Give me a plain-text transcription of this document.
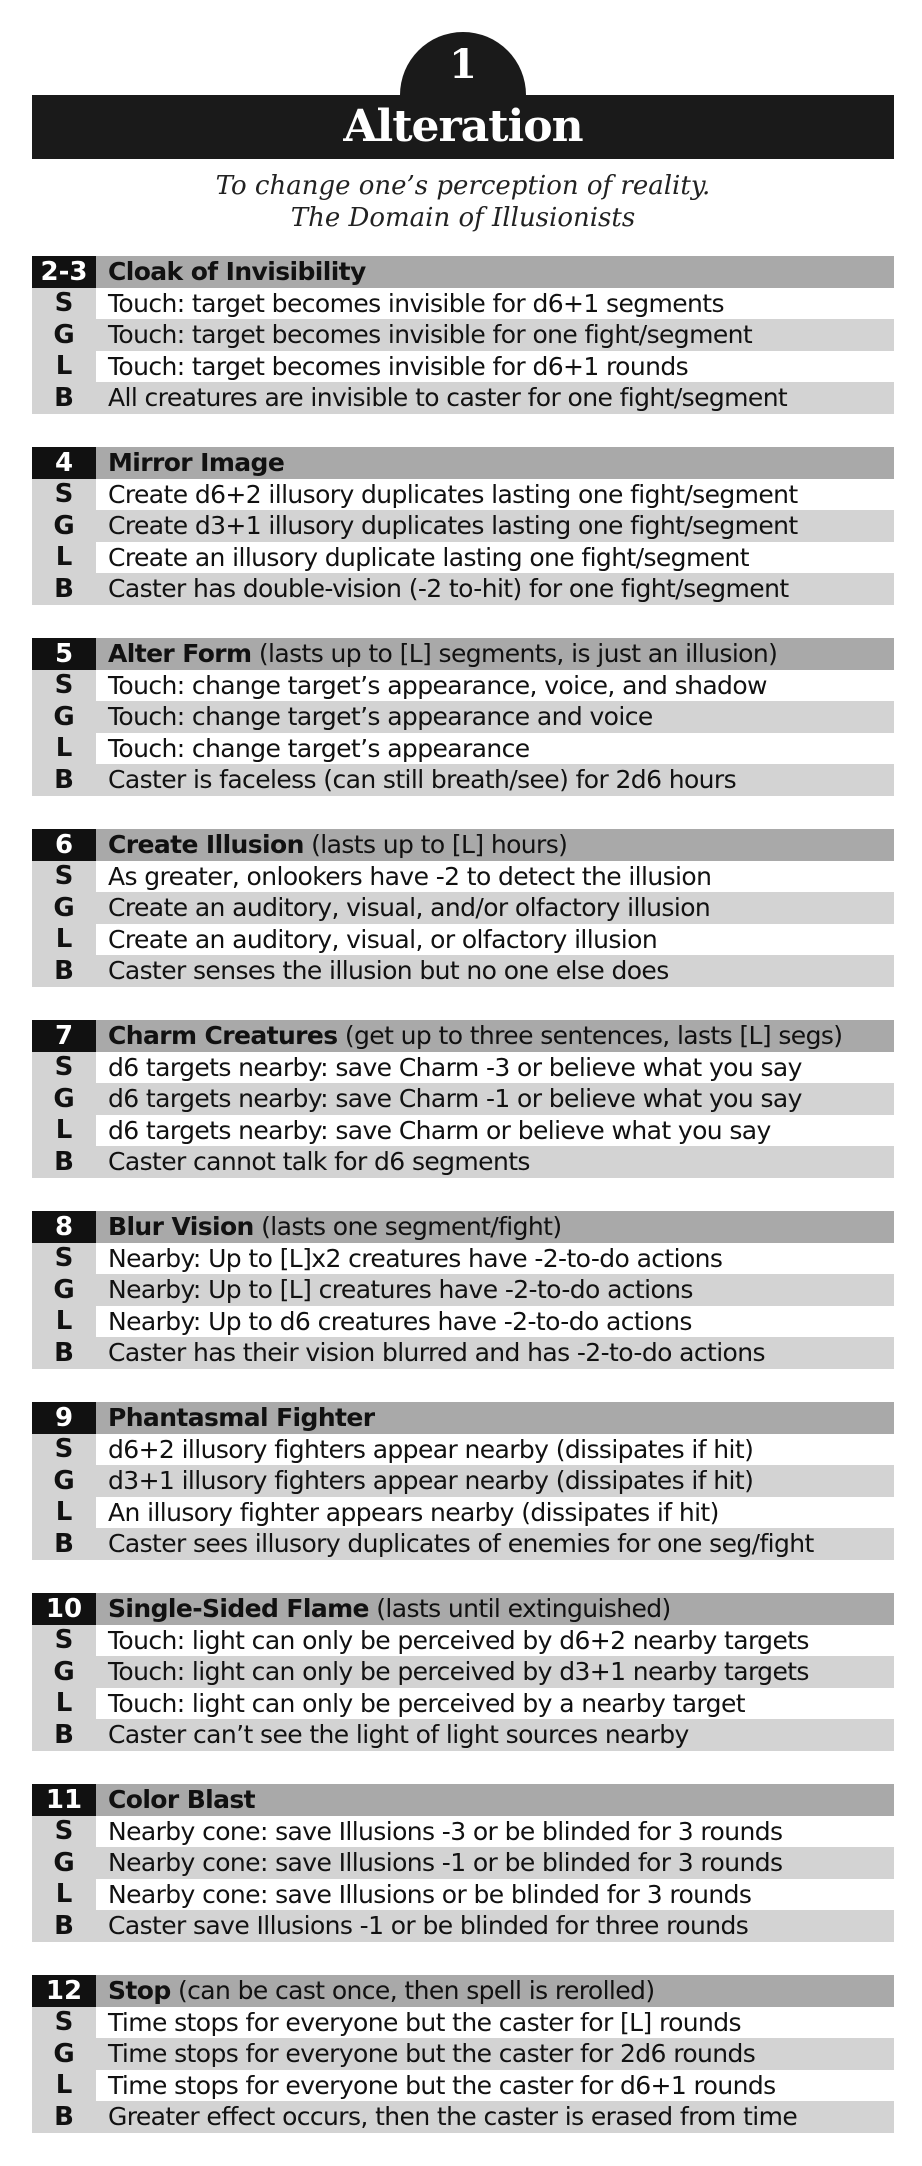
1
Alteration
To change one’s perception of reality.
The Domain of Illusionists
2-3 Cloak of Invisibility
S	Touch: target becomes invisible for d6+1 segments
G	Touch: target becomes invisible for one fight/segment
L	Touch: target becomes invisible for d6+1 rounds
B	All creatures are invisible to caster for one fight/segment
4	Mirror Image
S	Create d6+2 illusory duplicates lasting one fight/segment
G	Create d3+1 illusory duplicates lasting one fight/segment
L	Create an illusory duplicate lasting one fight/segment
B	Caster has double-vision (-2 to-hit) for one fight/segment
5	Alter Form (lasts up to [L] segments, is just an illusion)
S	Touch: change target’s appearance, voice, and shadow
G	Touch: change target’s appearance and voice
L	Touch: change target’s appearance
B	Caster is faceless (can still breath/see) for 2d6 hours
6	Create Illusion (lasts up to [L] hours)
S	As greater, onlookers have -2 to detect the illusion
G	Create an auditory, visual, and/or olfactory illusion
L	Create an auditory, visual, or olfactory illusion
B	Caster senses the illusion but no one else does
7	Charm Creatures (get up to three sentences, lasts [L] segs)
S	d6 targets nearby: save Charm -3 or believe what you say
G	d6 targets nearby: save Charm -1 or believe what you say
L	d6 targets nearby: save Charm or believe what you say
B	Caster cannot talk for d6 segments
8	Blur Vision (lasts one segment/fight)
S	Nearby: Up to [L]x2 creatures have -2-to-do actions
G	Nearby: Up to [L] creatures have -2-to-do actions
L	Nearby: Up to d6 creatures have -2-to-do actions
B	Caster has their vision blurred and has -2-to-do actions
9	Phantasmal Fighter
S	d6+2 illusory fighters appear nearby (dissipates if hit)
G	d3+1 illusory fighters appear nearby (dissipates if hit)
L	An illusory fighter appears nearby (dissipates if hit)
B	Caster sees illusory duplicates of enemies for one seg/fight
10	Single-Sided Flame (lasts until extinguished)
S	Touch: light can only be perceived by d6+2 nearby targets
G	Touch: light can only be perceived by d3+1 nearby targets
L	Touch: light can only be perceived by a nearby target
B	Caster can’t see the light of light sources nearby
11	Color Blast
S	Nearby cone: save Illusions -3 or be blinded for 3 rounds
G	Nearby cone: save Illusions -1 or be blinded for 3 rounds
L	Nearby cone: save Illusions or be blinded for 3 rounds
B	Caster save Illusions -1 or be blinded for three rounds
12	Stop (can be cast once, then spell is rerolled)
S	Time stops for everyone but the caster for [L] rounds
G	Time stops for everyone but the caster for 2d6 rounds
L	Time stops for everyone but the caster for d6+1 rounds
B	Greater effect occurs, then the caster is erased from time
